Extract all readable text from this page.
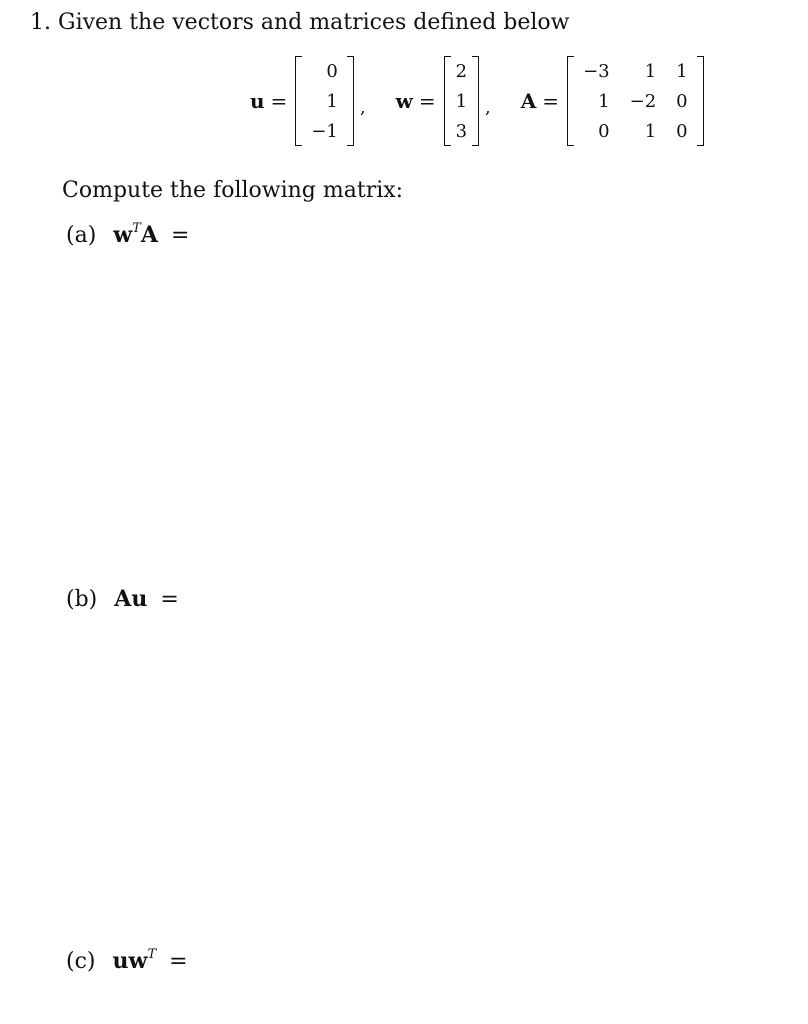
1. Given the vectors and matrices defined below
u =
0
1
−1
, w =
2
1
3
, A =
−3	1	1
1	−2	0
0	1	0
Compute the following matrix:
(a) $w^TA$ =
(b) Au =
(c) $uw^T$ =
